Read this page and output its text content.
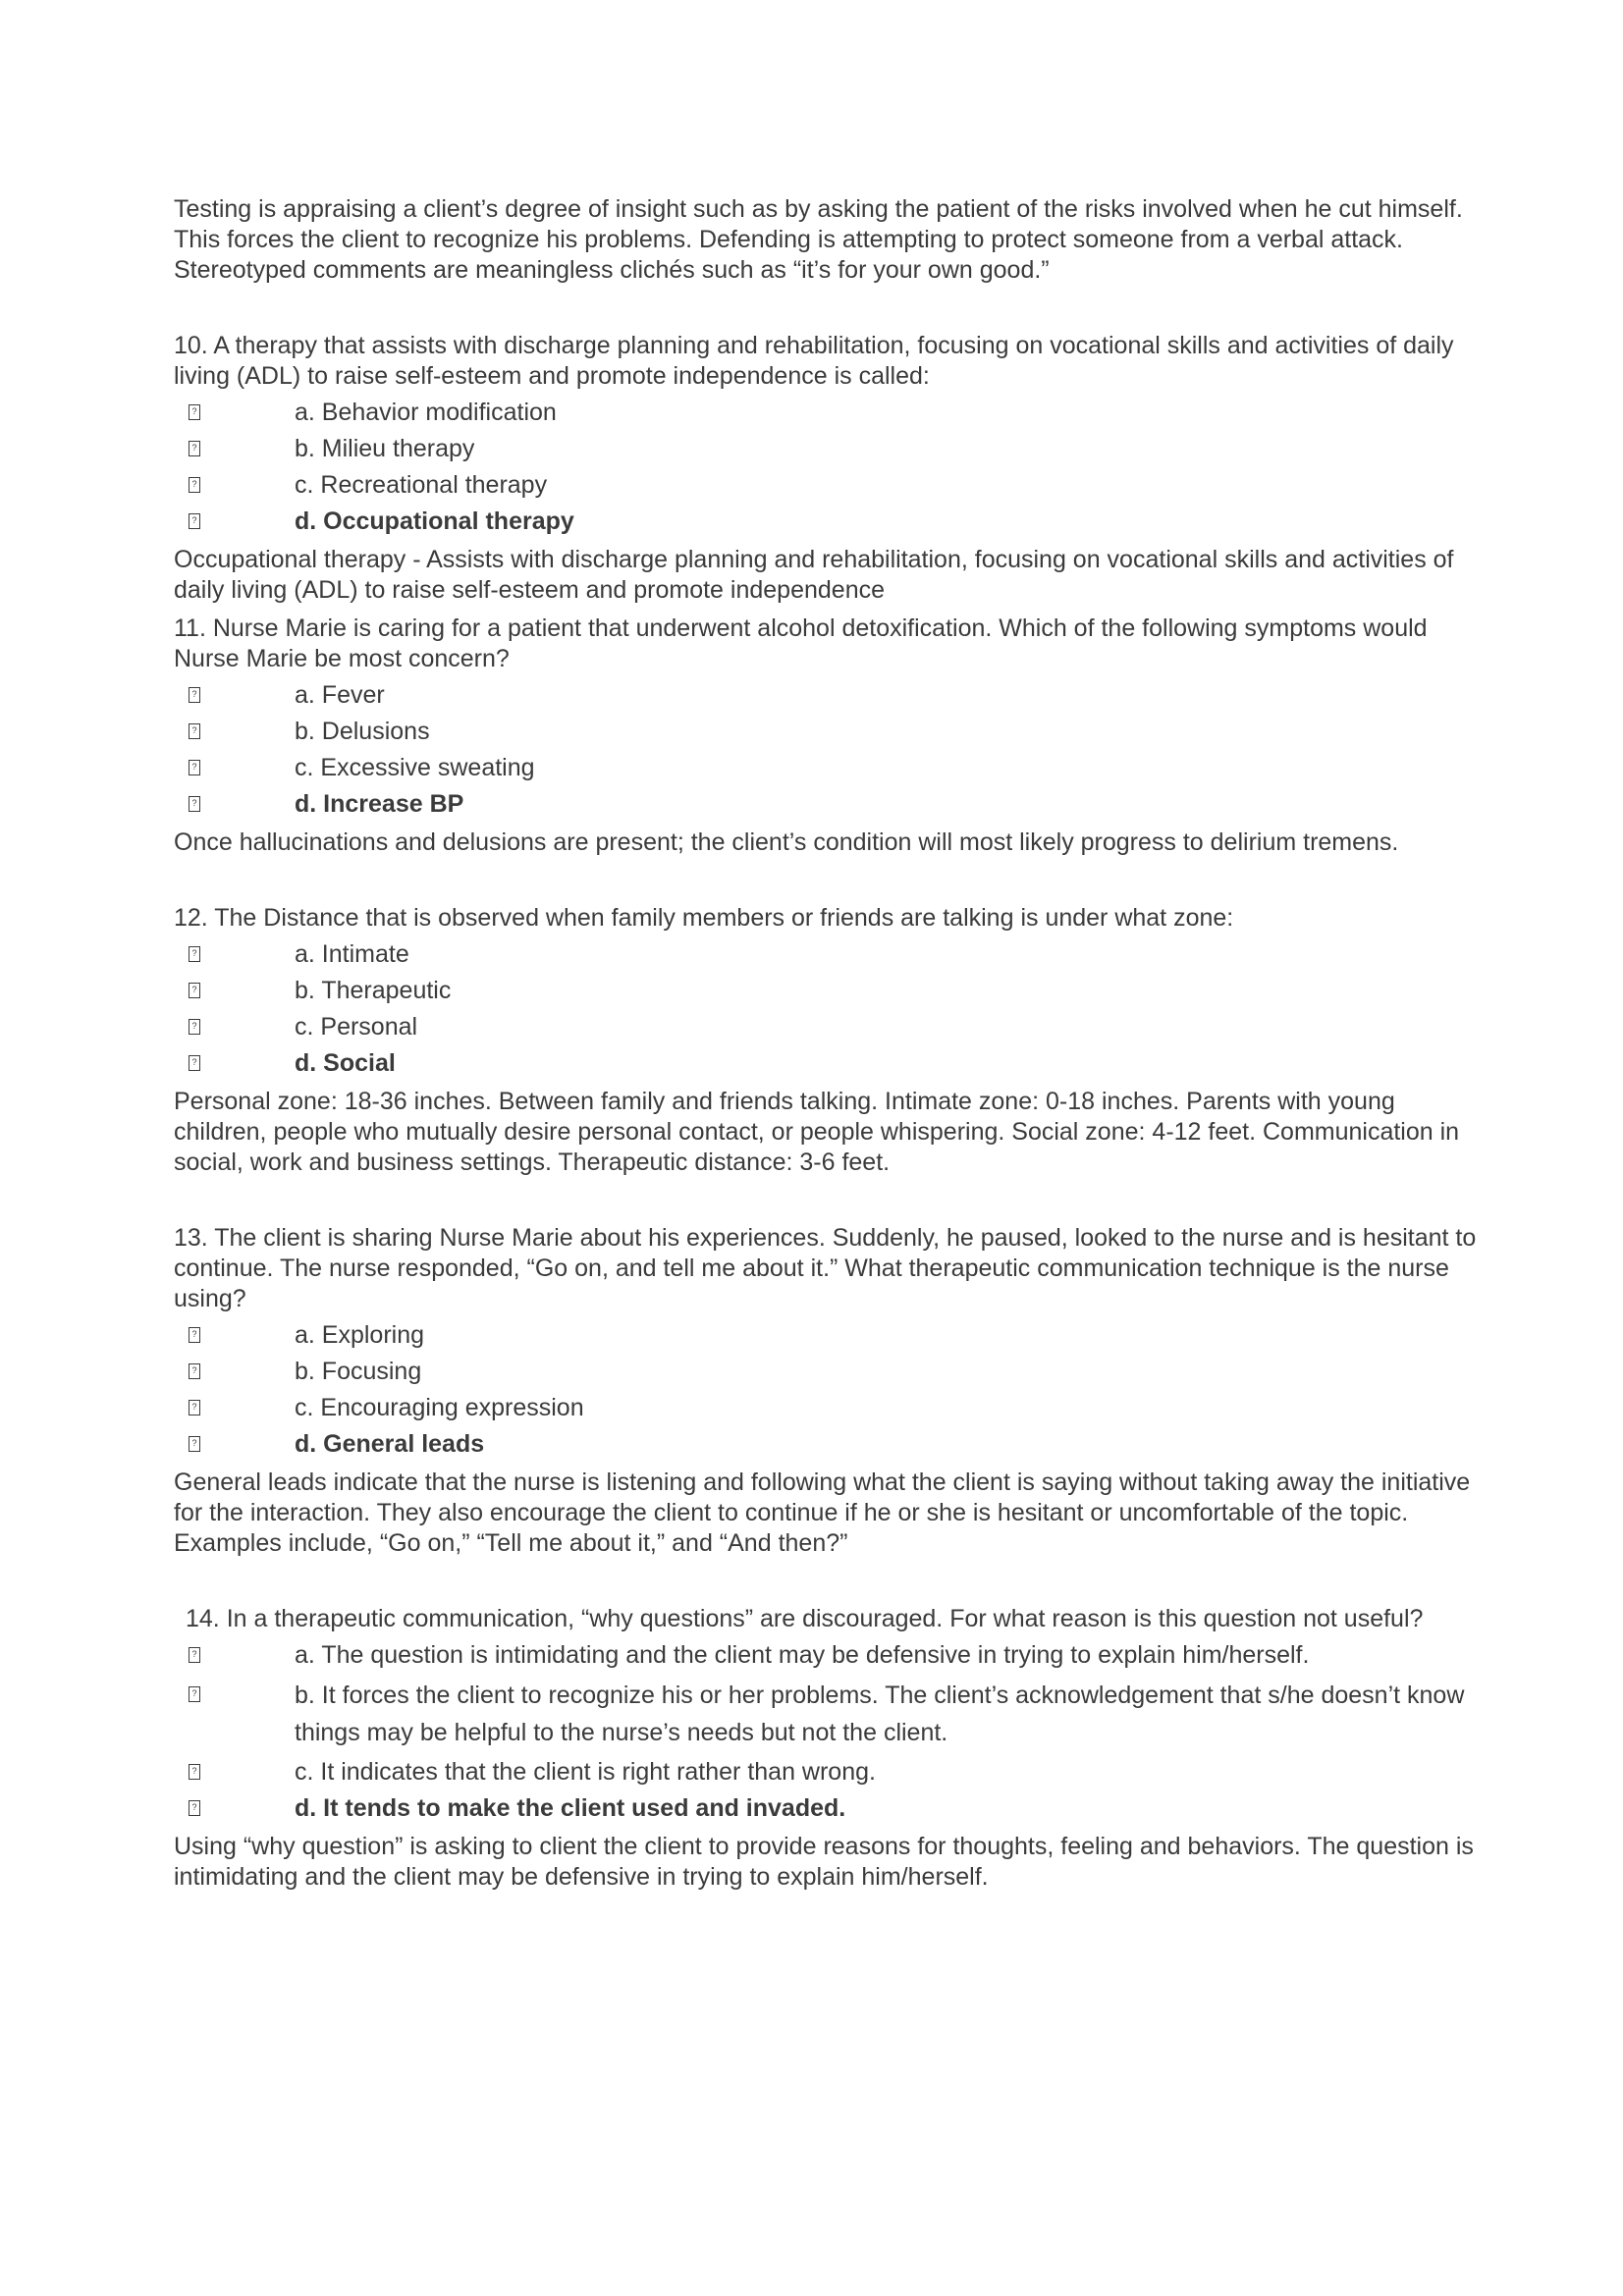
Testing is appraising a client’s degree of insight such as by asking the patient of the risks involved when he cut himself. This forces the client to recognize his problems. Defending is attempting to protect someone from a verbal attack. Stereotyped comments are meaningless clichés such as “it’s for your own good.”

10. A therapy that assists with discharge planning and rehabilitation, focusing on vocational skills and activities of daily living (ADL) to raise self-esteem and promote independence is called:

?	a. Behavior modification
?	b. Milieu therapy
?	c. Recreational therapy
?	d. Occupational therapy

Occupational therapy - Assists with discharge planning and rehabilitation, focusing on vocational skills and activities of daily living (ADL) to raise self-esteem and promote independence

11. Nurse Marie is caring for a patient that underwent alcohol detoxification. Which of the following symptoms would Nurse Marie be most concern?

?	a. Fever
?	b. Delusions
?	c. Excessive sweating
?	d. Increase BP

Once hallucinations and delusions are present; the client’s condition will most likely progress to delirium tremens.

12. The Distance that is observed when family members or friends are talking is under what zone:

?	a. Intimate
?	b. Therapeutic
?	c. Personal
?	d. Social

Personal zone: 18-36 inches. Between family and friends talking. Intimate zone: 0-18 inches. Parents with young children, people who mutually desire personal contact, or people whispering. Social zone: 4-12 feet. Communication in social, work and business settings. Therapeutic distance: 3-6 feet.

13. The client is sharing Nurse Marie about his experiences. Suddenly, he paused, looked to the nurse and is hesitant to continue. The nurse responded, “Go on, and tell me about it.” What therapeutic communication technique is the nurse using?

?	a. Exploring
?	b. Focusing
?	c. Encouraging expression
?	d. General leads

General leads indicate that the nurse is listening and following what the client is saying without taking away the initiative for the interaction. They also encourage the client to continue if he or she is hesitant or uncomfortable of the topic. Examples include, “Go on,” “Tell me about it,” and “And then?”

14. In a therapeutic communication, “why questions” are discouraged. For what reason is this question not useful?

?	a. The question is intimidating and the client may be defensive in trying to explain him/herself.
?	b. It forces the client to recognize his or her problems. The client’s acknowledgement that s/he doesn’t know things may be helpful to the nurse’s needs but not the client.
?	c. It indicates that the client is right rather than wrong.
?	d. It tends to make the client used and invaded.

Using “why question” is asking to client the client to provide reasons for thoughts, feeling and behaviors. The question is intimidating and the client may be defensive in trying to explain him/herself.
